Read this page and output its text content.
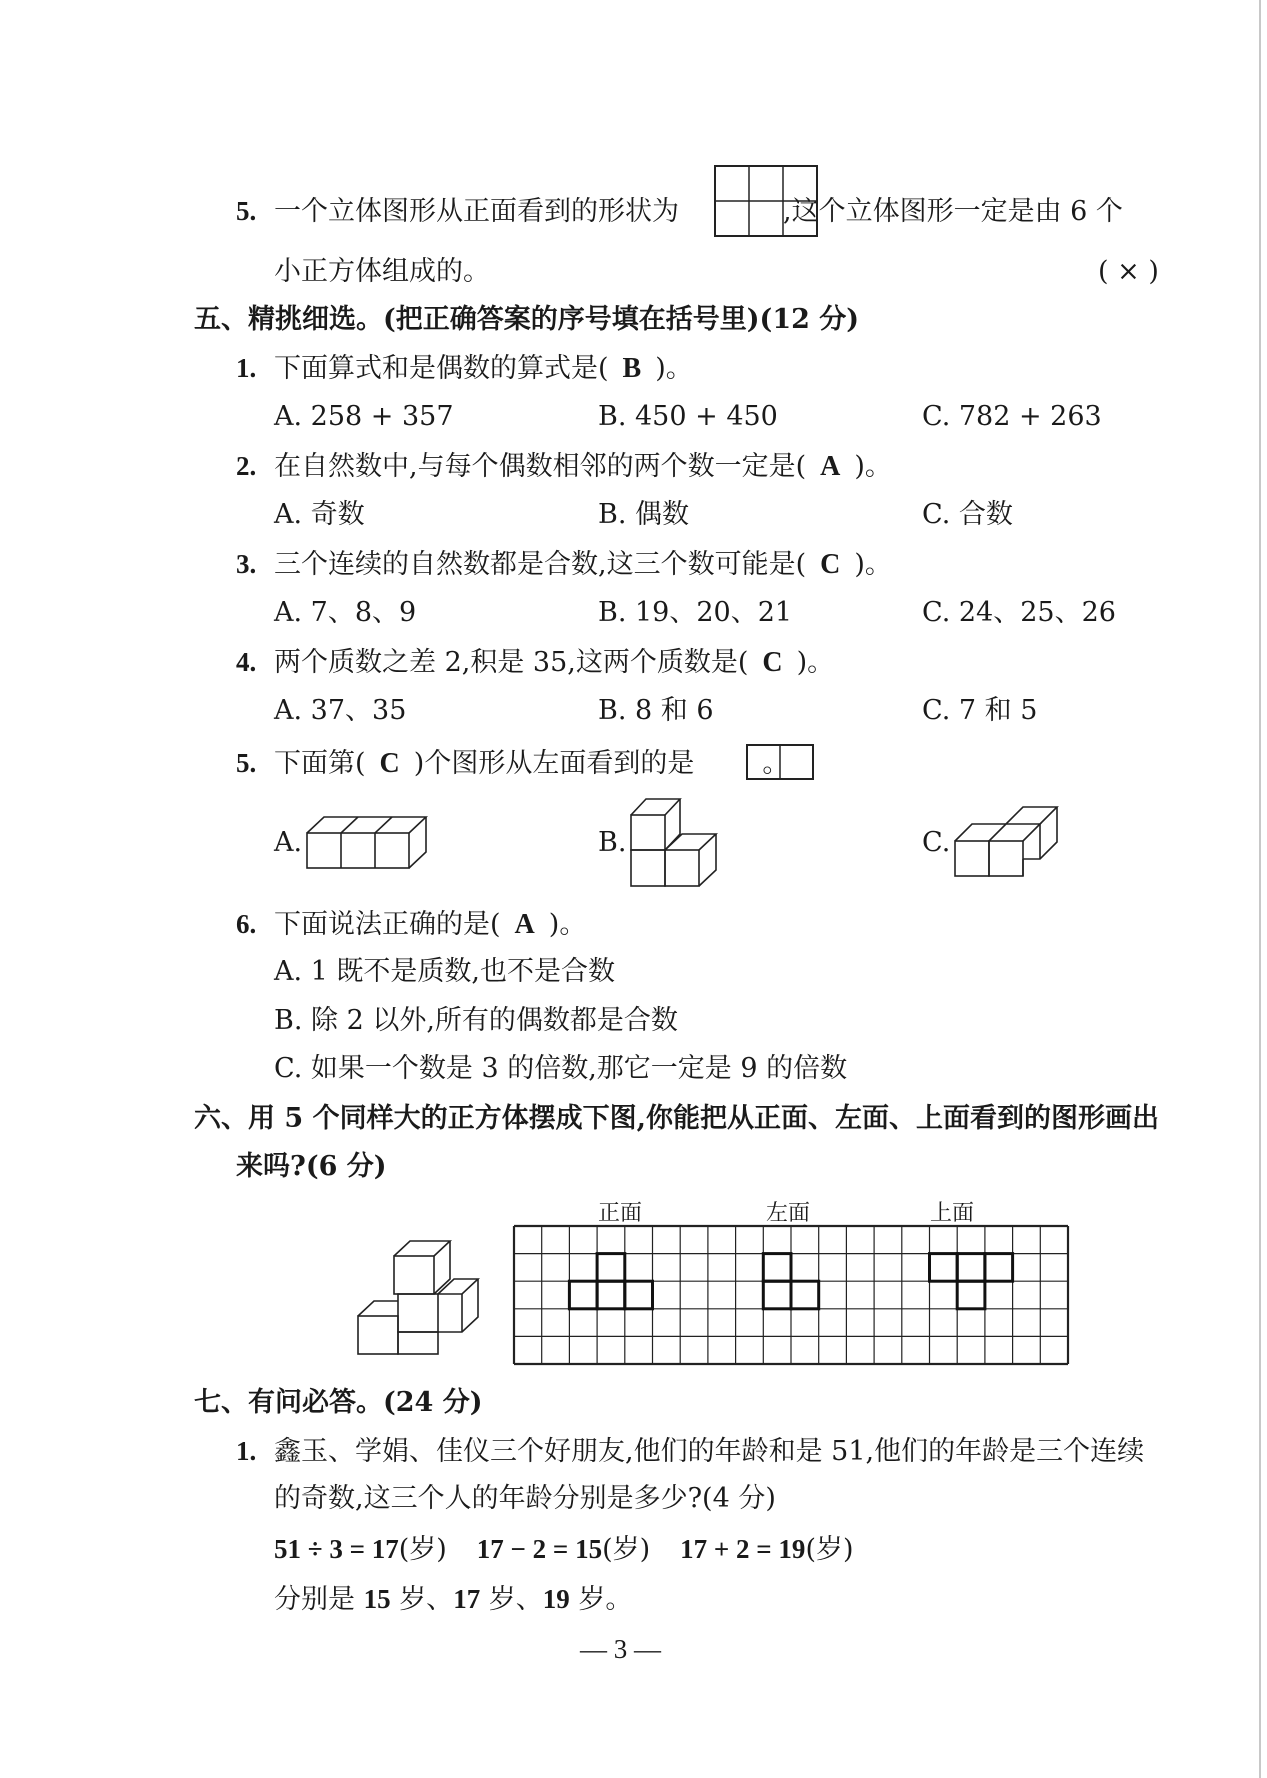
5. 一个立体图形从正面看到的形状为	,这个立体图形一定是由 6 个
小正方体组成的。	( × )
五、精挑细选。(把正确答案的序号填在括号里)(12 分)
1. 下面算式和是偶数的算式是( B )。
A. 258 + 357	B. 450 + 450	C. 782 + 263
2. 在自然数中,与每个偶数相邻的两个数一定是( A )。
A. 奇数	B. 偶数	C. 合数
3. 三个连续的自然数都是合数,这三个数可能是( C )。
A. 7、8、9	B. 19、20、21	C. 24、25、26
4. 两个质数之差 2,积是 35,这两个质数是( C )。
A. 37、35	B. 8 和 6	C. 7 和 5
5. 下面第( C )个图形从左面看到的是	。
A.	B.	C.
6. 下面说法正确的是( A )。
A. 1 既不是质数,也不是合数
B. 除 2 以外,所有的偶数都是合数
C. 如果一个数是 3 的倍数,那它一定是 9 的倍数
六、用 5 个同样大的正方体摆成下图,你能把从正面、左面、上面看到的图形画出
来吗?(6 分)
正面	左面	上面
七、有问必答。(24 分)
1. 鑫玉、学娟、佳仪三个好朋友,他们的年龄和是 51,他们的年龄是三个连续
的奇数,这三个人的年龄分别是多少?(4 分)
51 ÷ 3 = 17(岁) 17 − 2 = 15(岁) 17 + 2 = 19(岁)
分别是 15 岁、17 岁、19 岁。
— 3 —
